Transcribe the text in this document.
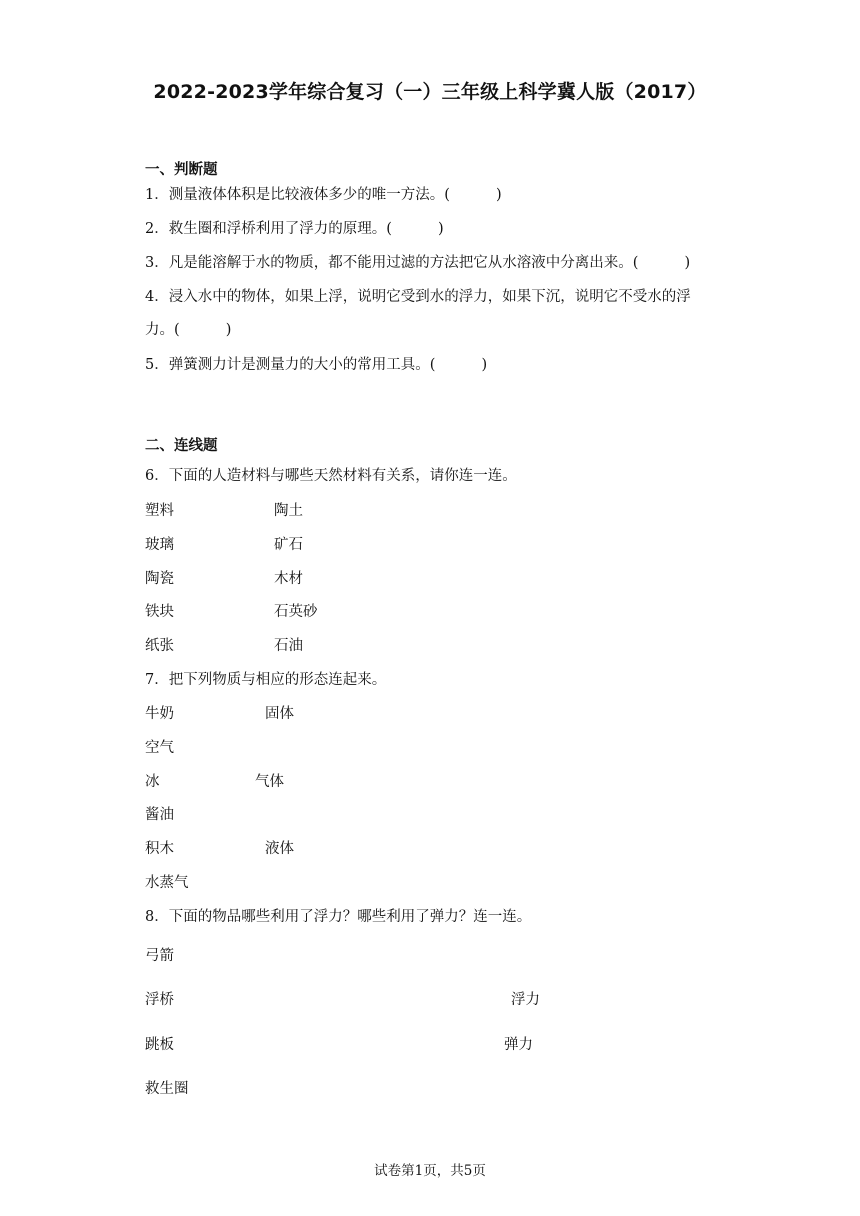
2022-2023学年综合复习（一）三年级上科学冀人版（2017）
一、判断题
1．测量液体体积是比较液体多少的唯一方法。(          )
2．救生圈和浮桥利用了浮力的原理。(          )
3．凡是能溶解于水的物质，都不能用过滤的方法把它从水溶液中分离出来。(          )
4．浸入水中的物体，如果上浮，说明它受到水的浮力，如果下沉，说明它不受水的浮
力。(          )
5．弹簧测力计是测量力的大小的常用工具。(          )
二、连线题
6．下面的人造材料与哪些天然材料有关系，请你连一连。
塑料	陶土
玻璃	矿石
陶瓷	木材
铁块	石英砂
纸张	石油
7．把下列物质与相应的形态连起来。
牛奶	固体
空气
冰	气体
酱油
积木	液体
水蒸气
8．下面的物品哪些利用了浮力？哪些利用了弹力？连一连。
弓箭
浮桥	浮力
跳板	弹力
救生圈
试卷第1页，共5页
